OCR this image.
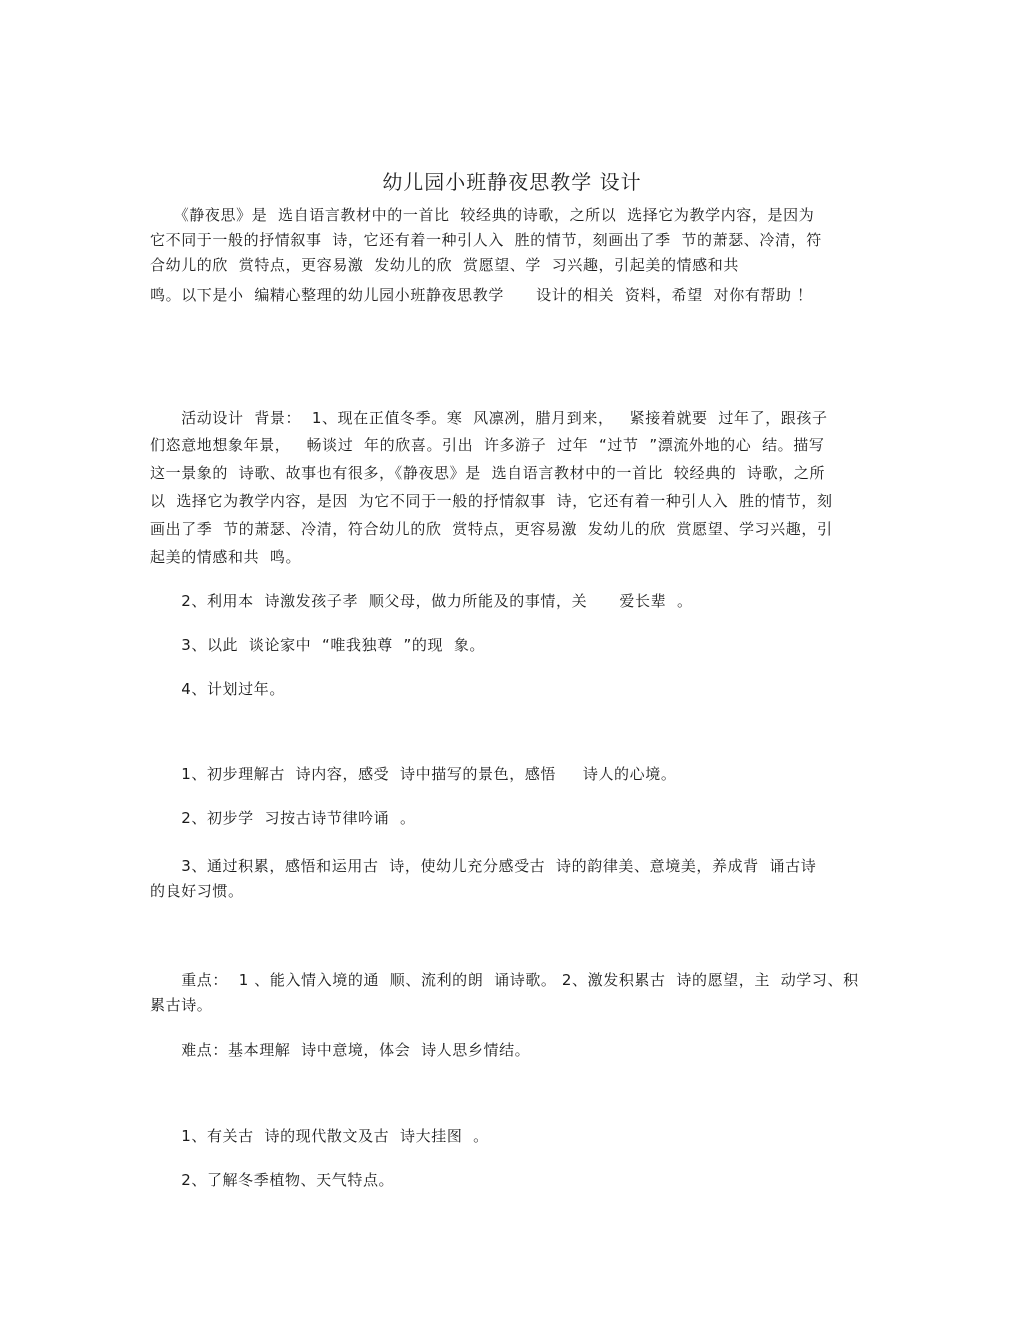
幼儿园小班静夜思教学 设计
　　《静夜思》是  选自语言教材中的一首比  较经典的诗歌，之所以  选择它为教学内容，是因为
它不同于一般的抒情叙事  诗，它还有着一种引人入  胜的情节，刻画出了季  节的萧瑟、冷清，符
合幼儿的欣  赏特点，更容易激  发幼儿的欣  赏愿望、学  习兴趣，引起美的情感和共
鸣。以下是小  编精心整理的幼儿园小班静夜思教学      设计的相关  资料，希望  对你有帮助 ！
　　活动设计  背景：  1、现在正值冬季。寒  风凛冽，腊月到来，   紧接着就要  过年了，跟孩子
们恣意地想象年景，   畅谈过  年的欣喜。引出  许多游子  过年  “过节  ”漂流外地的心  结。描写
这一景象的  诗歌、故事也有很多，《静夜思》是  选自语言教材中的一首比  较经典的  诗歌，之所
以  选择它为教学内容，是因  为它不同于一般的抒情叙事  诗，它还有着一种引人入  胜的情节，刻
画出了季  节的萧瑟、冷清，符合幼儿的欣  赏特点，更容易激  发幼儿的欣  赏愿望、学习兴趣，引
起美的情感和共  鸣。
　　2、利用本  诗激发孩子孝  顺父母，做力所能及的事情，关      爱长辈  。
　　3、以此  谈论家中  “唯我独尊  ”的现  象。
　　4、计划过年。
　　1、初步理解古  诗内容，感受  诗中描写的景色，感悟     诗人的心境。
　　2、初步学  习按古诗节律吟诵  。
　　3、通过积累，感悟和运用古  诗，使幼儿充分感受古  诗的韵律美、意境美，养成背  诵古诗
的良好习惯。
　　重点：  1 、能入情入境的通  顺、流利的朗  诵诗歌。 2、激发积累古  诗的愿望，主  动学习、积
累古诗。
　　难点：基本理解  诗中意境，体会  诗人思乡情结。
　　1、有关古  诗的现代散文及古  诗大挂图  。
　　2、了解冬季植物、天气特点。
